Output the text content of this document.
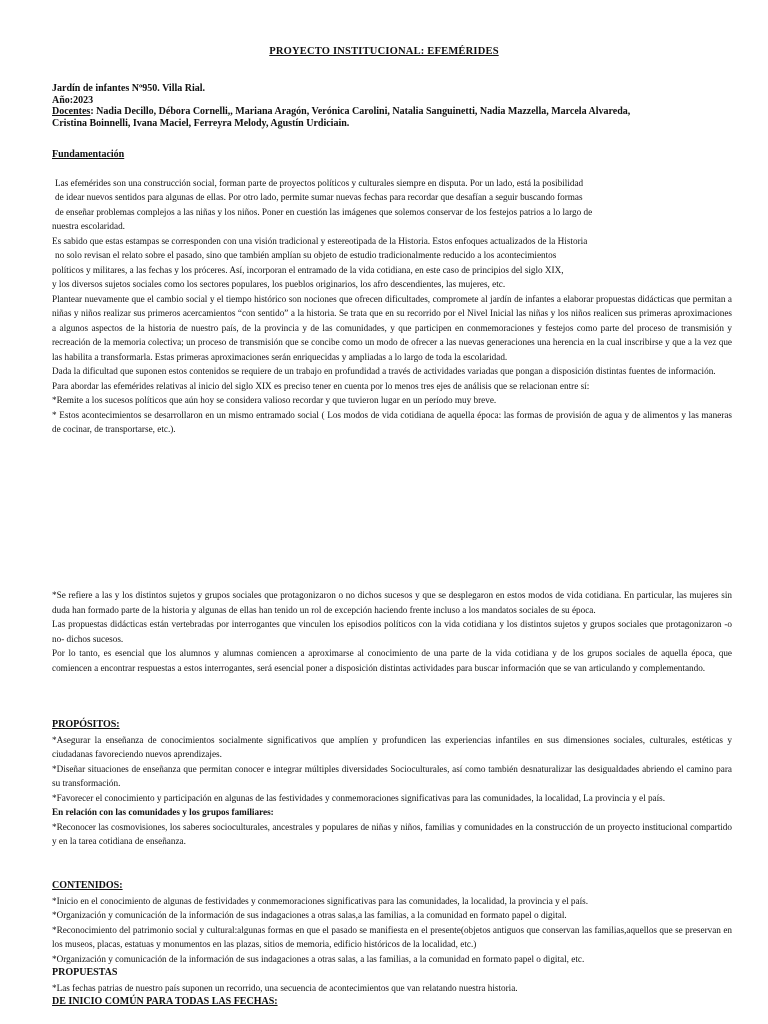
PROYECTO INSTITUCIONAL: EFEMÉRIDES
Jardín de infantes Nº950. Villa Rial.
Año:2023
Docentes: Nadia Decillo, Débora Cornelli,, Mariana Aragón, Verónica Carolini, Natalia Sanguinetti, Nadia Mazzella, Marcela Alvareda,
Cristina Boinnelli, Ivana Maciel, Ferreyra Melody, Agustín Urdiciain.
Fundamentación

Las efemérides son una construcción social, forman parte de proyectos políticos y culturales siempre en disputa. Por un lado, está la posibilidad

de idear nuevos sentidos para algunas de ellas. Por otro lado, permite sumar nuevas fechas para recordar que desafían a seguir buscando formas

de enseñar problemas complejos a las niñas y los niños. Poner en cuestión las imágenes que solemos conservar de los festejos patrios a lo largo de

nuestra escolaridad.

Es sabido que estas estampas se corresponden con una visión tradicional y estereotipada de la Historia. Estos enfoques actualizados de la Historia

no solo revisan el relato sobre el pasado, sino que también amplían su objeto de estudio tradicionalmente reducido a los acontecimientos

políticos y militares, a las fechas y los próceres. Así, incorporan el entramado de la vida cotidiana, en este caso de principios del siglo XIX,

y los diversos sujetos sociales como los sectores populares, los pueblos originarios, los afro descendientes, las mujeres, etc.

Plantear nuevamente que el cambio social y el tiempo histórico son nociones que ofrecen dificultades, compromete al jardín de infantes a elaborar propuestas didácticas que permitan a niñas y niños realizar sus primeros acercamientos “con sentido” a la historia. Se trata que en su recorrido por el Nivel Inicial las niñas y los niños realicen sus primeras aproximaciones a algunos aspectos de la historia de nuestro país, de la provincia y de las comunidades, y que participen en conmemoraciones y festejos como parte del proceso de transmisión y recreación de la memoria colectiva; un proceso de transmisión que se concibe como un modo de ofrecer a las nuevas generaciones una herencia en la cual inscribirse y que a la vez que las habilita a transformarla. Estas primeras aproximaciones serán enriquecidas y ampliadas a lo largo de toda la escolaridad.

Dada la dificultad que suponen estos contenidos se requiere de un trabajo en profundidad a través de actividades variadas que pongan a disposición distintas fuentes de información.

Para abordar las efemérides relativas al inicio del siglo XIX es preciso tener en cuenta por lo menos tres ejes de análisis que se relacionan entre sí:

*Remite a los sucesos políticos que aún hoy se considera valioso recordar y que tuvieron lugar en un período muy breve.

* Estos acontecimientos se desarrollaron en un mismo entramado social ( Los modos de vida cotidiana de aquella época: las formas de provisión de agua y de alimentos y las maneras de cocinar, de transportarse, etc.).

*Se refiere a las y los distintos sujetos y grupos sociales que protagonizaron o no dichos sucesos y que se desplegaron en estos modos de vida cotidiana. En particular, las mujeres sin duda han formado parte de la historia y algunas de ellas han tenido un rol de excepción haciendo frente incluso a los mandatos sociales de su época.

Las propuestas didácticas están vertebradas por interrogantes que vinculen los episodios políticos con la vida cotidiana y los distintos sujetos y grupos sociales que protagonizaron -o no- dichos sucesos.

Por lo tanto, es esencial que los alumnos y alumnas comiencen a aproximarse al conocimiento de una parte de la vida cotidiana y de los grupos sociales de aquella época, que comiencen a encontrar respuestas a estos interrogantes, será esencial poner a disposición distintas actividades para buscar información que se van articulando y complementando.

PROPÓSITOS:

*Asegurar la enseñanza de conocimientos socialmente significativos que amplíen y profundicen las experiencias infantiles en sus dimensiones sociales, culturales, estéticas y ciudadanas favoreciendo nuevos aprendizajes.

*Diseñar situaciones de enseñanza que permitan conocer e integrar múltiples diversidades Socioculturales, así como también desnaturalizar las desigualdades abriendo el camino para su transformación.

*Favorecer el conocimiento y participación en algunas de las festividades y conmemoraciones significativas para las comunidades, la localidad, La provincia y el país.

En relación con las comunidades y los grupos familiares:

*Reconocer las cosmovisiones, los saberes socioculturales, ancestrales y populares de niñas y niños, familias y comunidades en la construcción de un proyecto institucional compartido y en la tarea cotidiana de enseñanza.

CONTENIDOS:

*Inicio en el conocimiento de algunas de festividades y conmemoraciones significativas para las comunidades, la localidad, la provincia y el país.

*Organización y comunicación de la información de sus indagaciones a otras salas,a las familias, a la comunidad en formato papel o digital.

*Reconocimiento del patrimonio social y cultural:algunas formas en que el pasado se manifiesta en el presente(objetos antiguos que conservan las familias,aquellos que se preservan en los museos, placas, estatuas y monumentos en las plazas, sitios de memoria, edificio históricos de la localidad, etc.)

*Organización y comunicación de la información de sus indagaciones a otras salas, a las familias, a la comunidad en formato papel o digital, etc.

PROPUESTAS

*Las fechas patrias de nuestro país suponen un recorrido, una secuencia de acontecimientos que van relatando nuestra historia.

DE INICIO COMÚN PARA TODAS LAS FECHAS:
